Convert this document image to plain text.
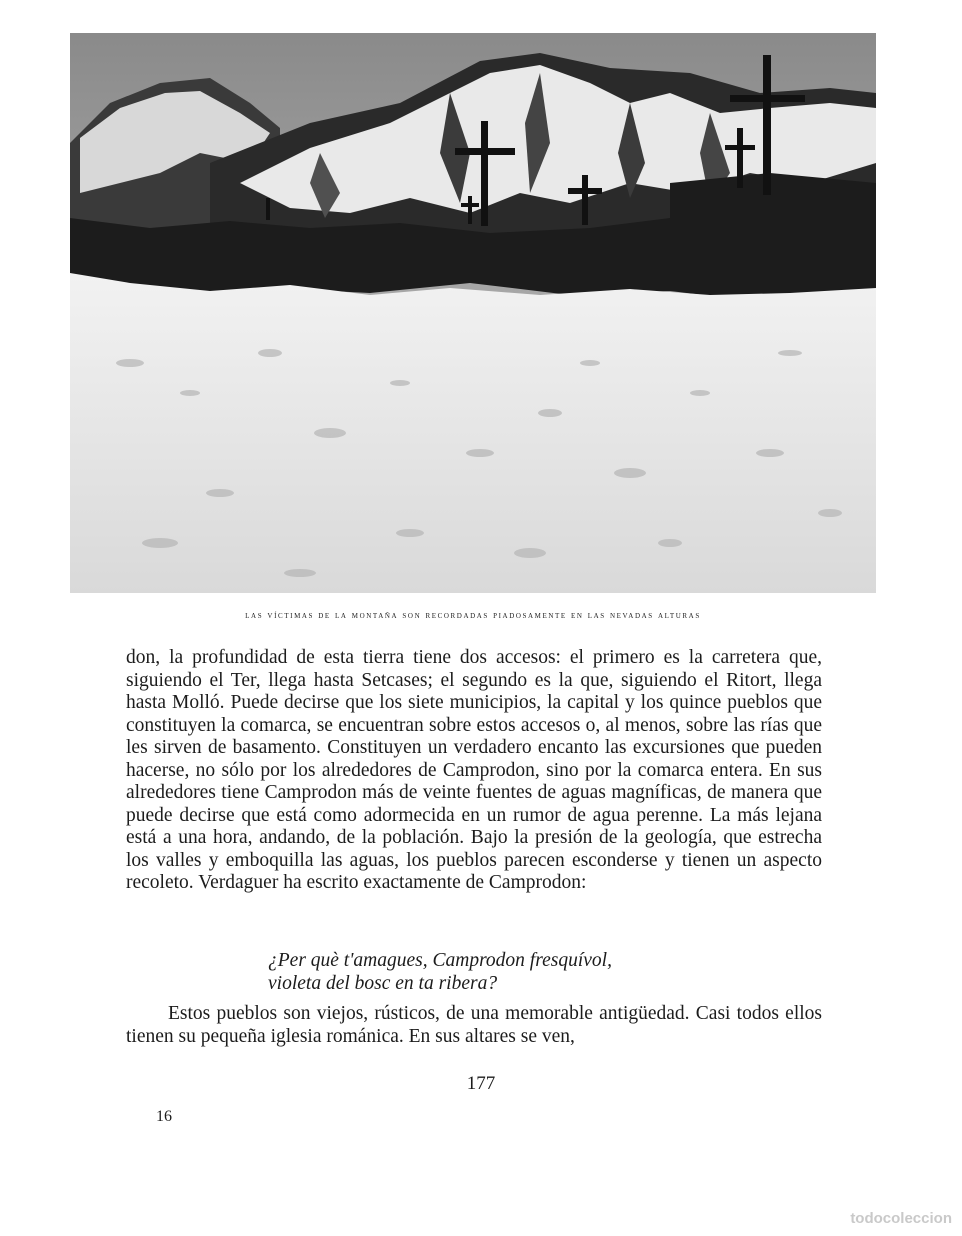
las víctimas de la montaña son recordadas piadosamente en las nevadas alturas

don, la profundidad de esta tierra tiene dos accesos: el primero es la carretera que, siguiendo el Ter, llega hasta Setcases; el segundo es la que, siguiendo el Ritort, llega hasta Molló. Puede decirse que los siete municipios, la capital y los quince pueblos que constituyen la comarca, se encuentran sobre estos accesos o, al menos, sobre las rías que les sirven de basamento. Constituyen un verdadero encanto las excursiones que pueden hacerse, no sólo por los alrededores de Camprodon, sino por la comarca entera. En sus alrededores tiene Camprodon más de veinte fuentes de aguas magníficas, de manera que puede decirse que está como adormecida en un rumor de agua perenne. La más lejana está a una hora, andando, de la población. Bajo la presión de la geología, que estrecha los valles y emboquilla las aguas, los pueblos parecen esconderse y tienen un aspecto recoleto. Verdaguer ha escrito exactamente de Camprodon:

¿Per què t'amagues, Camprodon fresquívol,
violeta del bosc en ta ribera?

Estos pueblos son viejos, rústicos, de una memorable antigüedad. Casi todos ellos tienen su pequeña iglesia románica. En sus altares se ven,

177
16
todocoleccion
